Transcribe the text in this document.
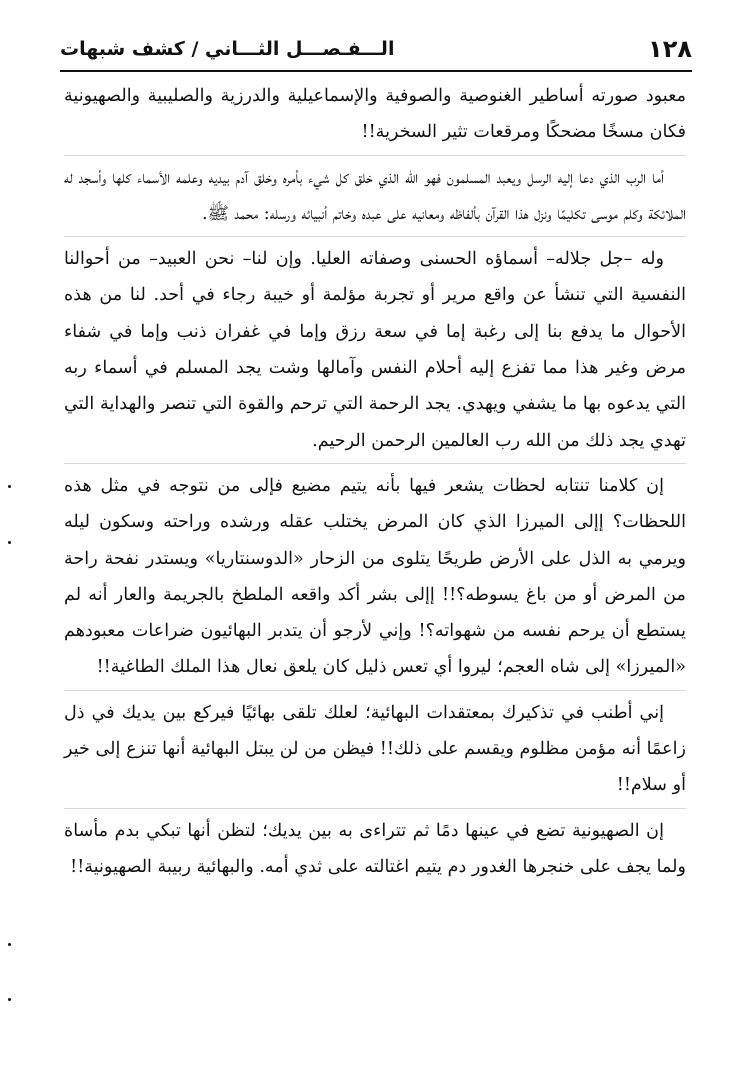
١٢٨
الـــفـصـــل الثـــاني / كشف شبهات

معبود صورته أساطير الغنوصية والصوفية والإسماعيلية والدرزية والصليبية والصهيونية فكان مسخًا مضحكًا ومرقعات تثير السخرية!!

أما الرب الذي دعا إليه الرسل ويعبد المسلمون فهو الله الذي خلق كل شيء بأمره وخلق آدم بيديه وعلمه الأسماء كلها وأسجد له الملائكة وكلم موسى تكليمًا ونزل هذا القرآن بألفاظه ومعانيه على عبده وخاتم أنبيائه ورسله: محمد ﷺ.

وله –جل جلاله– أسماؤه الحسنى وصفاته العليا. وإن لنا– نحن العبيد– من أحوالنا النفسية التي تنشأ عن واقع مرير أو تجربة مؤلمة أو خيبة رجاء في أحد. لنا من هذه الأحوال ما يدفع بنا إلى رغبة إما في سعة رزق وإما في غفران ذنب وإما في شفاء مرض وغير هذا مما تفزع إليه أحلام النفس وآمالها وشت يجد المسلم في أسماء ربه التي يدعوه بها ما يشفي ويهدي. يجد الرحمة التي ترحم والقوة التي تنصر والهداية التي تهدي يجد ذلك من الله رب العالمين الرحمن الرحيم.

إن كلامنا تنتابه لحظات يشعر فيها بأنه يتيم مضيع فإلى من نتوجه في مثل هذه اللحظات؟ إإلى الميرزا الذي كان المرض يختلب عقله ورشده وراحته وسكون ليله ويرمي به الذل على الأرض طريحًا يتلوى من الزحار «الدوسنتاريا» ويستدر نفحة راحة من المرض أو من باغ يسوطه؟!! إإلى بشر أكد واقعه الملطخ بالجريمة والعار أنه لم يستطع أن يرحم نفسه من شهواته؟! وإني لأرجو أن يتدبر البهائيون ضراعات معبودهم «الميرزا» إلى شاه العجم؛ ليروا أي تعس ذليل كان يلعق نعال هذا الملك الطاغية!!

إني أطنب في تذكيرك بمعتقدات البهائية؛ لعلك تلقى بهائيًا فيركع بين يديك في ذل زاعمًا أنه مؤمن مظلوم ويقسم على ذلك!! فيظن من لن يبتل البهائية أنها تنزع إلى خير أو سلام!!

إن الصهيونية تضع في عينها دمًا ثم تتراءى به بين يديك؛ لتظن أنها تبكي بدم مأساة ولما يجف على خنجرها الغدور دم يتيم اغتالته على ثدي أمه. والبهائية ربيبة الصهيونية!!
